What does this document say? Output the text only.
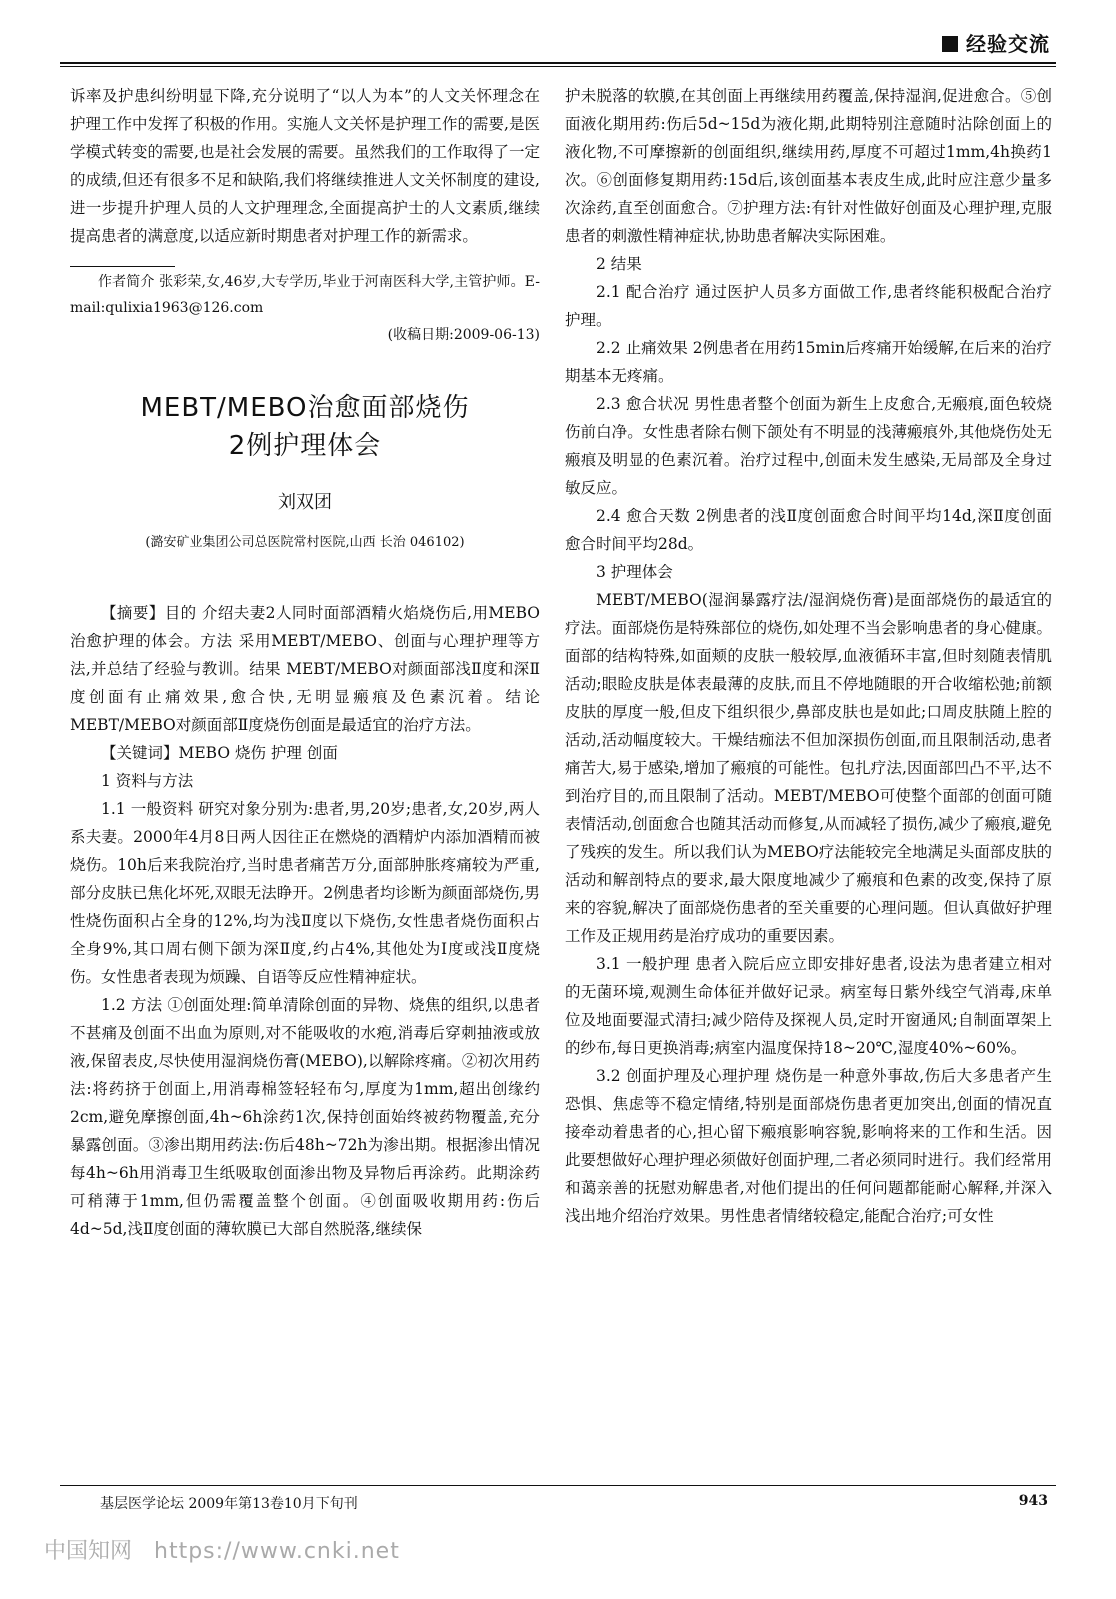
经验交流

诉率及护患纠纷明显下降,充分说明了“以人为本”的人文关怀理念在护理工作中发挥了积极的作用。实施人文关怀是护理工作的需要,是医学模式转变的需要,也是社会发展的需要。虽然我们的工作取得了一定的成绩,但还有很多不足和缺陷,我们将继续推进人文关怀制度的建设,进一步提升护理人员的人文护理理念,全面提高护士的人文素质,继续提高患者的满意度,以适应新时期患者对护理工作的新需求。

作者简介 张彩荣,女,46岁,大专学历,毕业于河南医科大学,主管护师。E-mail:qulixia1963@126.com

(收稿日期:2009-06-13)

MEBT/MEBO治愈面部烧伤
2例护理体会
刘双团
(潞安矿业集团公司总医院常村医院,山西 长治 046102)

【摘要】目的 介绍夫妻2人同时面部酒精火焰烧伤后,用MEBO治愈护理的体会。方法 采用MEBT/MEBO、创面与心理护理等方法,并总结了经验与教训。结果 MEBT/MEBO对颜面部浅Ⅱ度和深Ⅱ度创面有止痛效果,愈合快,无明显瘢痕及色素沉着。结论 MEBT/MEBO对颜面部Ⅱ度烧伤创面是最适宜的治疗方法。

【关键词】MEBO 烧伤 护理 创面

1 资料与方法

1.1 一般资料 研究对象分别为:患者,男,20岁;患者,女,20岁,两人系夫妻。2000年4月8日两人因往正在燃烧的酒精炉内添加酒精而被烧伤。10h后来我院治疗,当时患者痛苦万分,面部肿胀疼痛较为严重,部分皮肤已焦化坏死,双眼无法睁开。2例患者均诊断为颜面部烧伤,男性烧伤面积占全身的12%,均为浅Ⅱ度以下烧伤,女性患者烧伤面积占全身9%,其口周右侧下颌为深Ⅱ度,约占4%,其他处为Ⅰ度或浅Ⅱ度烧伤。女性患者表现为烦躁、自语等反应性精神症状。

1.2 方法 ①创面处理:简单清除创面的异物、烧焦的组织,以患者不甚痛及创面不出血为原则,对不能吸收的水疱,消毒后穿刺抽液或放液,保留表皮,尽快使用湿润烧伤膏(MEBO),以解除疼痛。②初次用药法:将药挤于创面上,用消毒棉签轻轻布匀,厚度为1mm,超出创缘约2cm,避免摩擦创面,4h~6h涂药1次,保持创面始终被药物覆盖,充分暴露创面。③渗出期用药法:伤后48h~72h为渗出期。根据渗出情况每4h~6h用消毒卫生纸吸取创面渗出物及异物后再涂药。此期涂药可稍薄于1mm,但仍需覆盖整个创面。④创面吸收期用药:伤后4d~5d,浅Ⅱ度创面的薄软膜已大部自然脱落,继续保

护未脱落的软膜,在其创面上再继续用药覆盖,保持湿润,促进愈合。⑤创面液化期用药:伤后5d~15d为液化期,此期特别注意随时沾除创面上的液化物,不可摩擦新的创面组织,继续用药,厚度不可超过1mm,4h换药1次。⑥创面修复期用药:15d后,该创面基本表皮生成,此时应注意少量多次涂药,直至创面愈合。⑦护理方法:有针对性做好创面及心理护理,克服患者的刺激性精神症状,协助患者解决实际困难。

2 结果

2.1 配合治疗 通过医护人员多方面做工作,患者终能积极配合治疗护理。

2.2 止痛效果 2例患者在用药15min后疼痛开始缓解,在后来的治疗期基本无疼痛。

2.3 愈合状况 男性患者整个创面为新生上皮愈合,无瘢痕,面色较烧伤前白净。女性患者除右侧下颌处有不明显的浅薄瘢痕外,其他烧伤处无瘢痕及明显的色素沉着。治疗过程中,创面未发生感染,无局部及全身过敏反应。

2.4 愈合天数 2例患者的浅Ⅱ度创面愈合时间平均14d,深Ⅱ度创面愈合时间平均28d。

3 护理体会

MEBT/MEBO(湿润暴露疗法/湿润烧伤膏)是面部烧伤的最适宜的疗法。面部烧伤是特殊部位的烧伤,如处理不当会影响患者的身心健康。面部的结构特殊,如面颊的皮肤一般较厚,血液循环丰富,但时刻随表情肌活动;眼睑皮肤是体表最薄的皮肤,而且不停地随眼的开合收缩松弛;前额皮肤的厚度一般,但皮下组织很少,鼻部皮肤也是如此;口周皮肤随上腔的活动,活动幅度较大。干燥结痂法不但加深损伤创面,而且限制活动,患者痛苦大,易于感染,增加了瘢痕的可能性。包扎疗法,因面部凹凸不平,达不到治疗目的,而且限制了活动。MEBT/MEBO可使整个面部的创面可随表情活动,创面愈合也随其活动而修复,从而减轻了损伤,减少了瘢痕,避免了残疾的发生。所以我们认为MEBO疗法能较完全地满足头面部皮肤的活动和解剖特点的要求,最大限度地减少了瘢痕和色素的改变,保持了原来的容貌,解决了面部烧伤患者的至关重要的心理问题。但认真做好护理工作及正规用药是治疗成功的重要因素。

3.1 一般护理 患者入院后应立即安排好患者,设法为患者建立相对的无菌环境,观测生命体征并做好记录。病室每日紫外线空气消毒,床单位及地面要湿式清扫;减少陪侍及探视人员,定时开窗通风;自制面罩架上的纱布,每日更换消毒;病室内温度保持18~20℃,湿度40%~60%。

3.2 创面护理及心理护理 烧伤是一种意外事故,伤后大多患者产生恐惧、焦虑等不稳定情绪,特别是面部烧伤患者更加突出,创面的情况直接牵动着患者的心,担心留下瘢痕影响容貌,影响将来的工作和生活。因此要想做好心理护理必须做好创面护理,二者必须同时进行。我们经常用和蔼亲善的抚慰劝解患者,对他们提出的任何问题都能耐心解释,并深入浅出地介绍治疗效果。男性患者情绪较稳定,能配合治疗;可女性

基层医学论坛 2009年第13卷10月下旬刊	943
中国知网 https://www.cnki.net
